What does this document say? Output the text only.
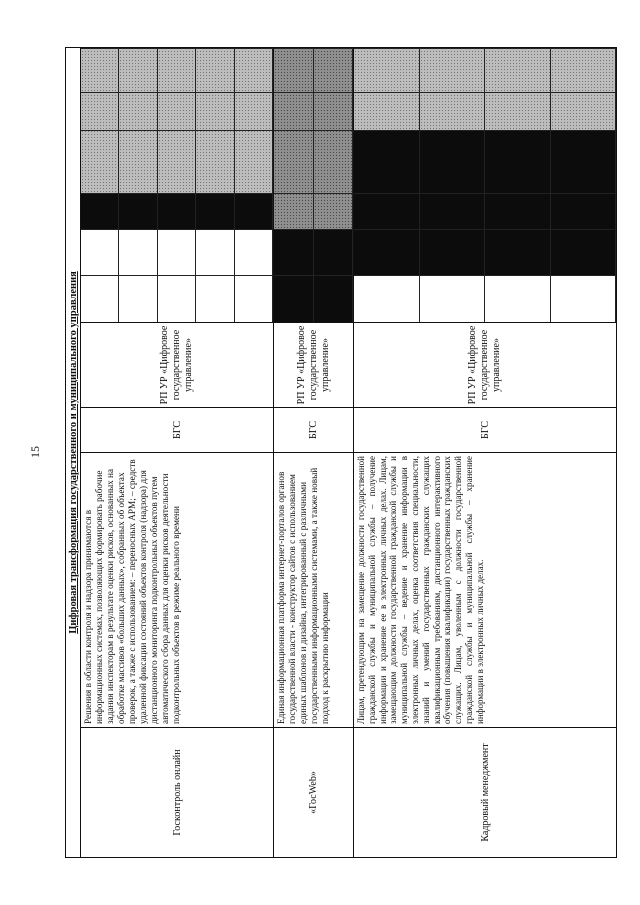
15	Цифровая трансформация государственного и муниципального управления				
Госконтроль онлайн	Решения в области контроля и надзора принимаются в информационных системах, позволяющих формировать рабочие задания инспекторам в результате оценки рисков, основанных на обработке массивов «больших данных», собранных об объектах проверок, а также с использованием: – переносных АРМ; – средств удаленной фиксации состояний объектов контроля (надзора) для дистанционного мониторинга подконтрольных объектов путем автоматического сбора данных для оценки рисков деятельности подконтрольных объектов в режиме реального времени	БГС	РП УР «Цифровое государственное управление»	

«ГосWeb»	Единая информационная платформа интернет-порталов органов государственной власти - конструктор сайтов с использованием единых шаблонов и дизайна, интегрированный с различными государственными информационными системами, а также новый подход к раскрытию информации	БГС	РП УР «Цифровое государственное управление»	

Кадровый менеджмент	Лицам, претендующим на замещение должности государственной гражданской службы и муниципальной службы – получение информации и хранение ее в электронных личных делах. Лицам, замещающим должности государственной гражданской службы и муниципальной службы – ведение и хранение информации в электронных личных делах, оценка соответствия специальности, знаний и умений государственных гражданских служащих квалификационным требованиям, дистанционного интерактивного обучения (повышения квалификации) государственных гражданских служащих. Лицам, уволенным с должности государственной гражданской службы и муниципальной службы – хранение информации в электронных личных делах.	БГС	РП УР «Цифровое государственное управление»	
